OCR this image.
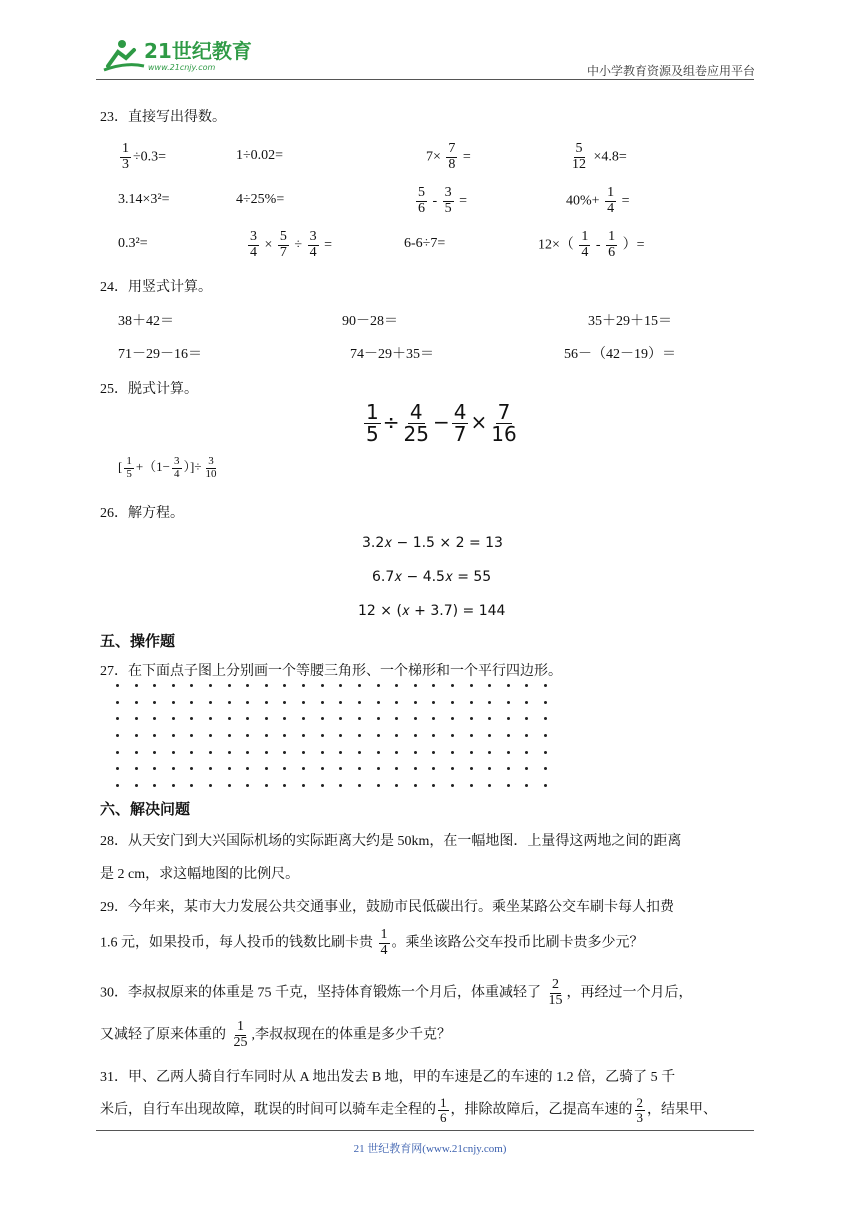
21世纪教育
www.21cnjy.com	中小学教育资源及组卷应用平台
23．直接写出得数。
$\frac{1}{3} \div 0.3=$	1÷0.02=	$7\times \frac{7}{8}$ =	$\frac{5}{12} \times 4.8=$
3.14×3²=	4÷25%=	$\frac{5}{6} - \frac{3}{5}$ =	$40\%+ \frac{1}{4}$ =
0.3²=	$\frac{3}{4} \times \frac{5}{7} \div \frac{3}{4}$ =	6-6÷7=	$12\times( \frac{1}{4} - \frac{1}{6}$ ）=
24．用竖式计算。
38＋42＝	90－28＝	35＋29＋15＝
71－29－16＝	74－29＋35＝	56－（42－19）＝
25．脱式计算。
$\frac{1}{5} \div \frac{4}{25} - \frac{4}{7} \times \frac{7}{16}$
[ $\frac{1}{5} +(1- \frac{3}{4}$ ）]÷ $\frac{3}{10}$
26．解方程。
3.2𝑥 − 1.5 × 2 = 13
6.7𝑥 − 4.5𝑥 = 55
12 × (𝑥 + 3.7) = 144
五、操作题
27．在下面点子图上分别画一个等腰三角形、一个梯形和一个平行四边形。
六、解决问题
28．从天安门到大兴国际机场的实际距离大约是 50km，在一幅地图．上量得这两地之间的距离
是 2 cm，求这幅地图的比例尺。
29．今年来，某市大力发展公共交通事业，鼓励市民低碳出行。乘坐某路公交车刷卡每人扣费
1.6 元，如果投币，每人投币的钱数比刷卡贵 $\frac{1}{4}$ 。乘坐该路公交车投币比刷卡贵多少元？
30．李叔叔原来的体重是 75 千克，坚持体育锻炼一个月后，体重减轻了 $\frac{2}{15}$ ，再经过一个月后，
又减轻了原来体重的 $\frac{1}{25}$ ,李叔叔现在的体重是多少千克？
31．甲、乙两人骑自行车同时从 A 地出发去 B 地，甲的车速是乙的车速的 1.2 倍，乙骑了 5 千
米后，自行车出现故障，耽误的时间可以骑车走全程的 $\frac{1}{6}$ ，排除故障后，乙提高车速的 $\frac{2}{3}$ ，结果甲、
21 世纪教育网(www.21cnjy.com)
